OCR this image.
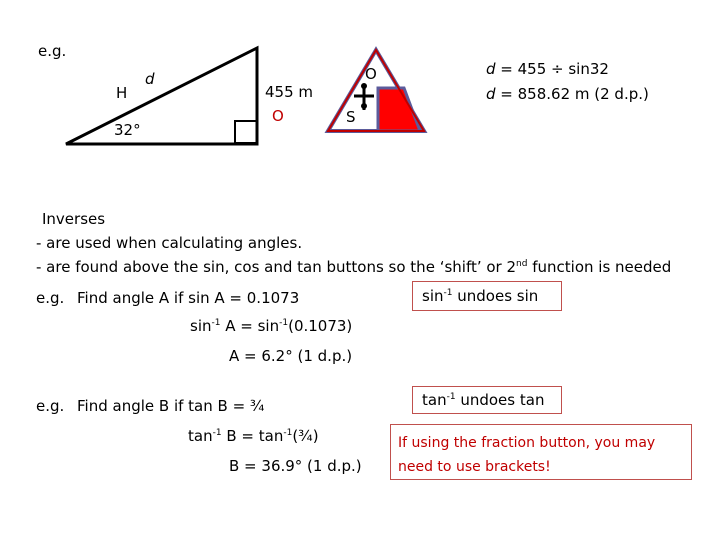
e.g.
H
d
32°
455 m
O
O
S
d = 455 ÷ sin32
d = 858.62 m (2 d.p.)
Inverses
- are used when calculating angles.
- are found above the sin, cos and tan buttons so the ‘shift’ or 2nd function is needed
e.g. Find angle A if sin A = 0.1073	$\sin^{-1}$ undoes sin
$\sin^{-1} A = \sin^{-1}(0.1073)$
A = 6.2° (1 d.p.)
e.g. Find angle B if tan B = ¾	$\tan^{-1}$ undoes tan
$\tan^{-1} B$ = $\tan^{-1}(\frac{3}{4})$
B = 36.9° (1 d.p.)
If using the fraction button, you may
need to use brackets!
